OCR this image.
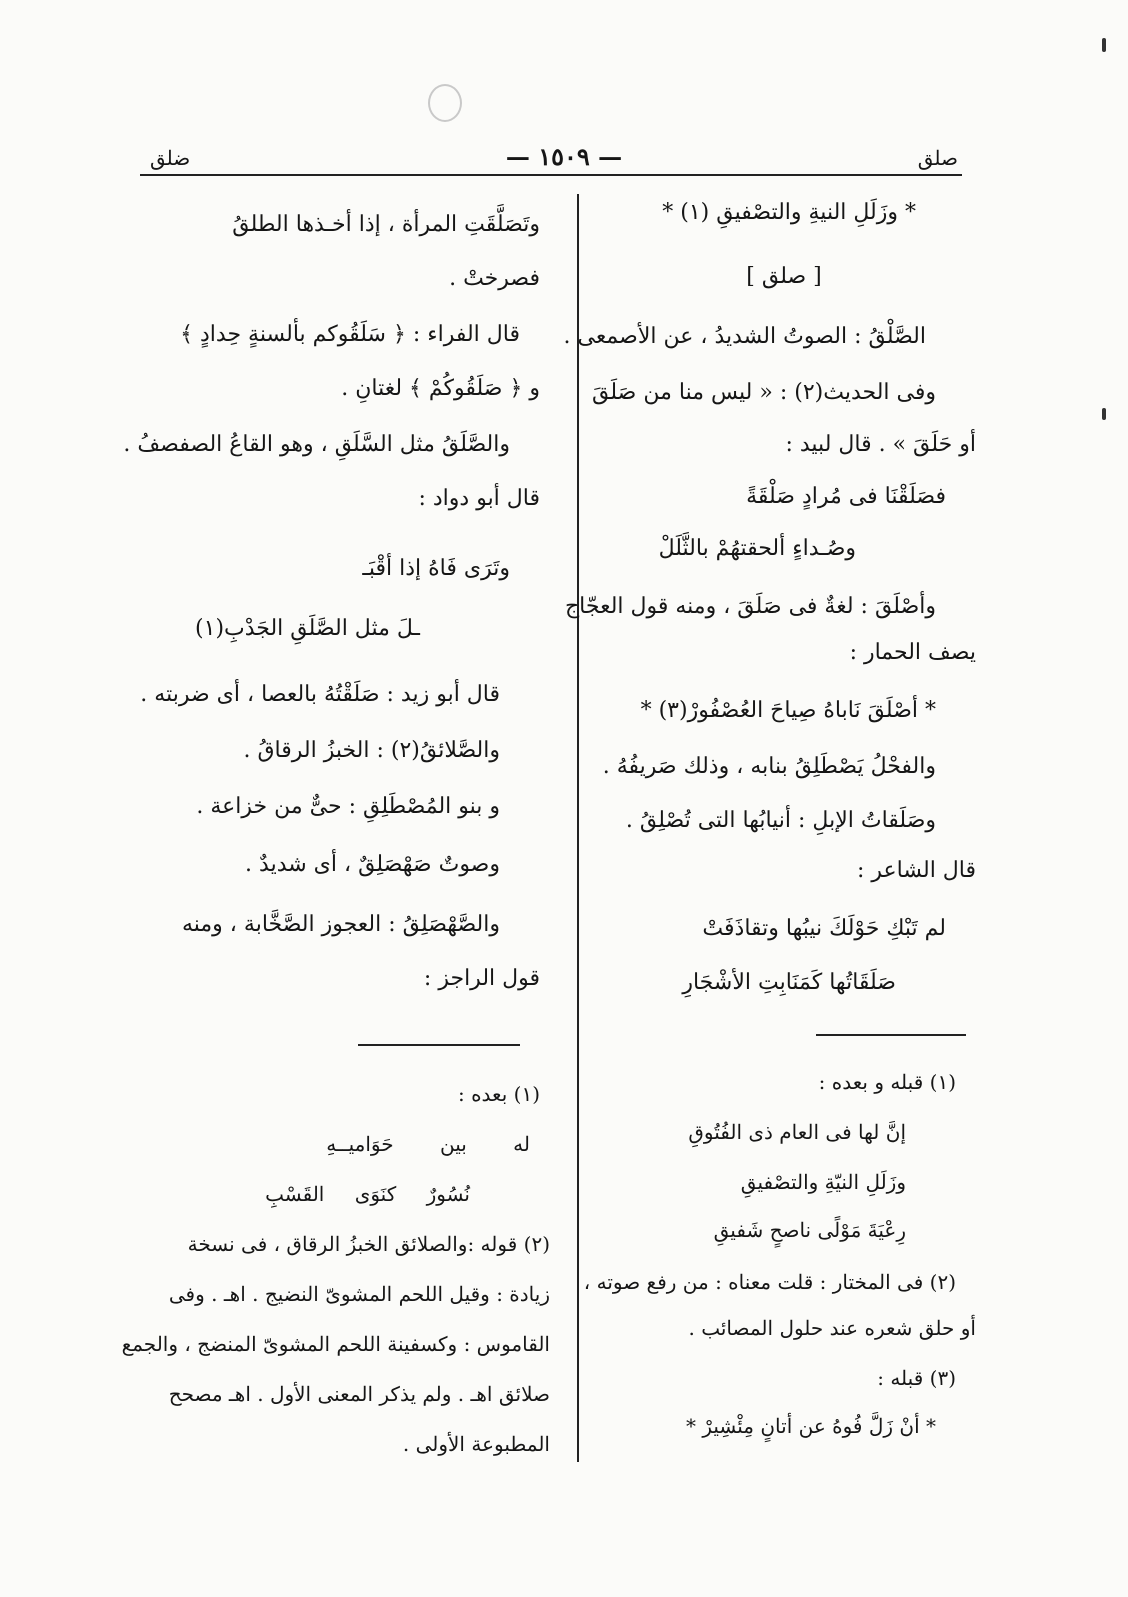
صلق
— ١٥٠٩ —
ضلق
* وزَلَلِ النيةِ والتصْفيقِ (١) *
[ صلق ]
الصَّلْقُ : الصوتُ الشديدُ ، عن الأصمعى .
وفى الحديث(٢) : « ليس منا من صَلَقَ
أو حَلَقَ » . قال لبيد :
فصَلَقْنَا فى مُرادٍ صَلْقَةً
وصُـداءٍ ألحقتهُمْ بالثَّلَلْ
وأصْلَقَ : لغةٌ فى صَلَقَ ، ومنه قول العجّاج
يصف الحمار :
* أصْلَقَ نَاباهُ صِياحَ العُصْفُورْ(٣) *
والفحْلُ يَصْطَلِقُ بنابه ، وذلك صَريفُهُ .
وصَلَقاتُ الإبلِ : أنيابُها التى تُصْلِقُ .
قال الشاعر :
لم تَبْكِ حَوْلَكَ نيبُها وتقاذَفَتْ
صَلَقَاتُها كَمَنَابِتِ الأشْجَارِ
(١) قبله و بعده :
إنَّ لها فى العام ذى الفُتُوقِ
وزَلَلِ النيّةِ والتصْفيقِ
رِعْيَةَ مَوْلًى ناصحٍ شَفيقِ
(٢) فى المختار : قلت معناه : من رفع صوته ،
أو حلق شعره عند حلول المصائب .
(٣) قبله :
* أنْ زَلَّ فُوهُ عن أتانٍ مِئْشِيرْ *
وتَصَلَّقَتِ المرأة ، إذا أخـذها الطلقُ
فصرختْ .
قال الفراء : ﴿ سَلَقُوكم بألسنةٍ حِدادٍ ﴾
و ﴿ صَلَقُوكُمْ ﴾ لغتانِ .
والصَّلَقُ مثل السَّلَقِ ، وهو القاعُ الصفصفُ .
قال أبو دواد :
وتَرَى فَاهُ إذا أقْبَـ
ـلَ مثل الصَّلَقِ الجَدْبِ(١)
قال أبو زيد : صَلَقْتُهُ بالعصا ، أى ضربته .
والصَّلائقُ(٢) : الخبزُ الرقاقُ .
و بنو المُصْطَلِقِ : حىٌّ من خزاعة .
وصوتٌ صَهْصَلِقٌ ، أى شديدٌ .
والصَّهْصَلِقُ : العجوز الصَّخَّابة ، ومنه
قول الراجز :
(١) بعده :
له بين حَوَاميــهِ
نُسُورٌ كنَوَى القَسْبِ
(٢) قوله :والصلائق الخبزُ الرقاق ، فى نسخة
زيادة : وقيل اللحم المشوىّ النضيج . اهـ . وفى
القاموس : وكسفينة اللحم المشوىّ المنضج ، والجمع
صلائق اهـ . ولم يذكر المعنى الأول . اهـ مصحح
المطبوعة الأولى .
